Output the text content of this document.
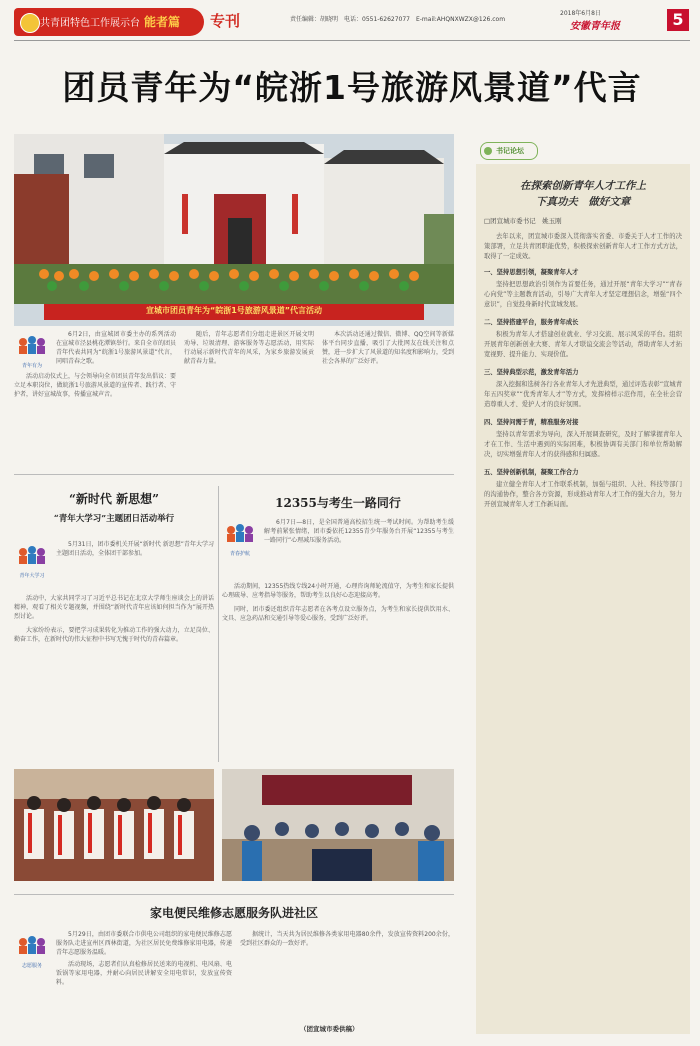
共青团特色工作展示台 能者篇	专刊	责任编辑：胡晓明　电话：0551-62627077　E-mail:AHQNXWZX@126.com
2018年6月8日
安徽青年报	5
团员青年为“皖浙1号旅游风景道”代言
宣城市团员青年为“皖浙1号旅游风景道”代言活动
青年有为

6月2日，由宣城团市委主办的系列活动在宣城市泾县桃花潭镇举行。来自全市的团员青年代表共同为“皖浙1号旅游风景道”代言，同唱青春之歌。

活动启动仪式上，与会领导向全市团员青年发出倡议：要立足本职岗位，做皖浙1号旅游风景道的宣传者、践行者、守护者，讲好宣城故事，传播宣城声音。

随后，青年志愿者们分组走进景区开展文明劝导、垃圾清理、游客服务等志愿活动，用实际行动展示新时代青年的风采，为家乡旅游发展贡献青春力量。

本次活动还通过微信、微博、QQ空间等新媒体平台同步直播，吸引了大批网友在线关注和点赞，进一步扩大了风景道的知名度和影响力，受到社会各界的广泛好评。

“新时代 新思想”
“青年大学习”主题团日活动举行
青年大学习

5月31日，团市委机关开展“新时代 新思想”青年大学习主题团日活动，全体团干部参加。

活动中，大家共同学习了习近平总书记在北京大学师生座谈会上的讲话精神，观看了相关专题视频，并围绕“新时代青年应该如何担当作为”展开热烈讨论。

大家纷纷表示，要把学习成果转化为推动工作的强大动力，立足岗位、勤奋工作，在新时代的伟大征程中书写无愧于时代的青春篇章。

12355与考生一路同行
青春护航

6月7日—8日，是全国普通高校招生统一考试时间。为帮助考生缓解考前紧张情绪，团市委依托12355青少年服务台开展“12355与考生一路同行”心理减压服务活动。

活动期间，12355热线专线24小时开通，心理咨询师轮流值守，为考生和家长提供心理疏导、应考指导等服务，帮助考生以良好心态迎接高考。

同时，团市委还组织青年志愿者在各考点设立服务点，为考生和家长提供饮用水、文具、应急药品和交通引导等爱心服务，受到广泛好评。

家电便民维修志愿服务队进社区
志愿服务

5月29日，由团市委联合市供电公司组织的家电便民维修志愿服务队走进宣州区西林街道，为社区居民免费维修家用电器，传递青年志愿服务温暖。

活动现场，志愿者们认真检修居民送来的电视机、电风扇、电饭锅等家用电器，并耐心向居民讲解安全用电常识，发放宣传资料。

据统计，当天共为居民维修各类家用电器80余件，发放宣传资料200余份，受到社区群众的一致好评。

（团宣城市委供稿）
书记论坛
在探索创新青年人才工作上
下真功夫　做好文章
□团宣城市委书记　姚玉刚

去年以来，团宣城市委深入贯彻落实省委、市委关于人才工作的决策部署，立足共青团职能优势，积极探索创新青年人才工作方式方法，取得了一定成效。

一、坚持思想引领，凝聚青年人才

坚持把思想政治引领作为首要任务，通过开展“青年大学习”“青春心向党”等主题教育活动，引导广大青年人才坚定理想信念，增强“四个意识”，自觉投身新时代宣城发展。

二、坚持搭建平台，服务青年成长

积极为青年人才搭建创业就业、学习交流、展示风采的平台。组织开展青年创新创业大赛、青年人才联谊交流会等活动，帮助青年人才拓宽视野、提升能力、实现价值。

三、坚持典型示范，激发青年活力

深入挖掘和选树各行各业青年人才先进典型，通过评选表彰“宣城青年五四奖章”“优秀青年人才”等方式，发挥榜样示范作用，在全社会营造尊重人才、爱护人才的良好氛围。

四、坚持问需于青，精准服务对接

坚持以青年需求为导向，深入开展调查研究，及时了解掌握青年人才在工作、生活中遇到的实际困难，积极协调有关部门和单位帮助解决，切实增强青年人才的获得感和归属感。

五、坚持创新机制，凝聚工作合力

建立健全青年人才工作联系机制，加强与组织、人社、科技等部门的沟通协作，整合各方资源，形成推动青年人才工作的强大合力，努力开创宣城青年人才工作新局面。
